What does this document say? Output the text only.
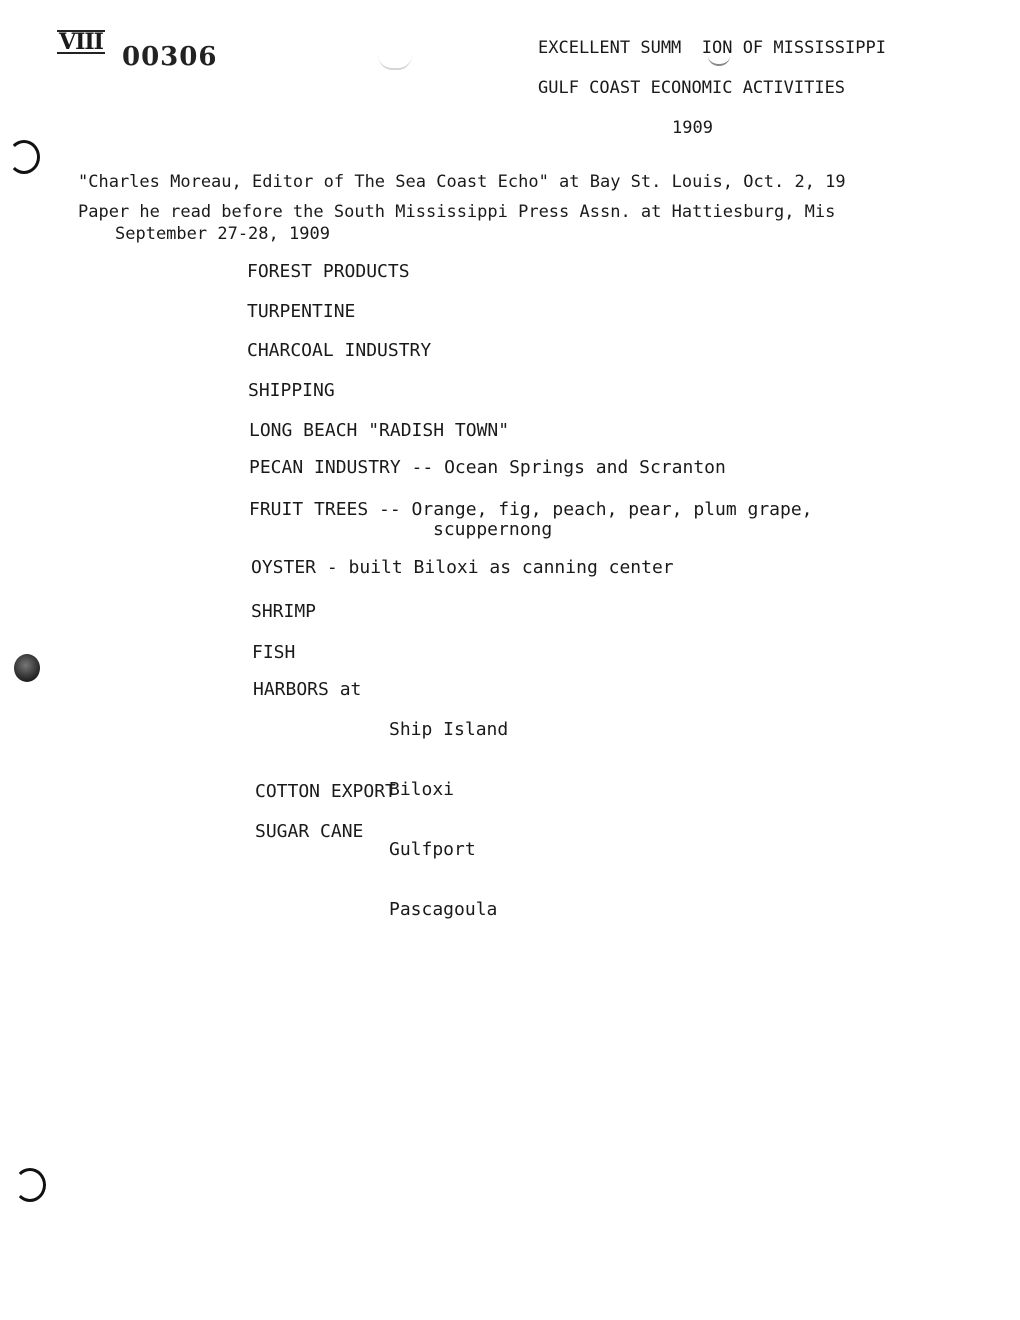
VIII 00306	EXCELLENT SUMM  ION OF MISSISSIPPI
GULF COAST ECONOMIC ACTIVITIES
1909
"Charles Moreau, Editor of The Sea Coast Echo" at Bay St. Louis, Oct. 2, 19
Paper he read before the South Mississippi Press Assn. at Hattiesburg, Mis
September 27-28, 1909
FOREST PRODUCTS
TURPENTINE
CHARCOAL INDUSTRY
SHIPPING
LONG BEACH "RADISH TOWN"
PECAN INDUSTRY -- Ocean Springs and Scranton
FRUIT TREES -- Orange, fig, peach, pear, plum grape,
scuppernong
OYSTER - built Biloxi as canning center
SHRIMP
FISH
HARBORS at

Ship Island

Biloxi

Gulfport

Pascagoula

COTTON EXPORT
SUGAR CANE
